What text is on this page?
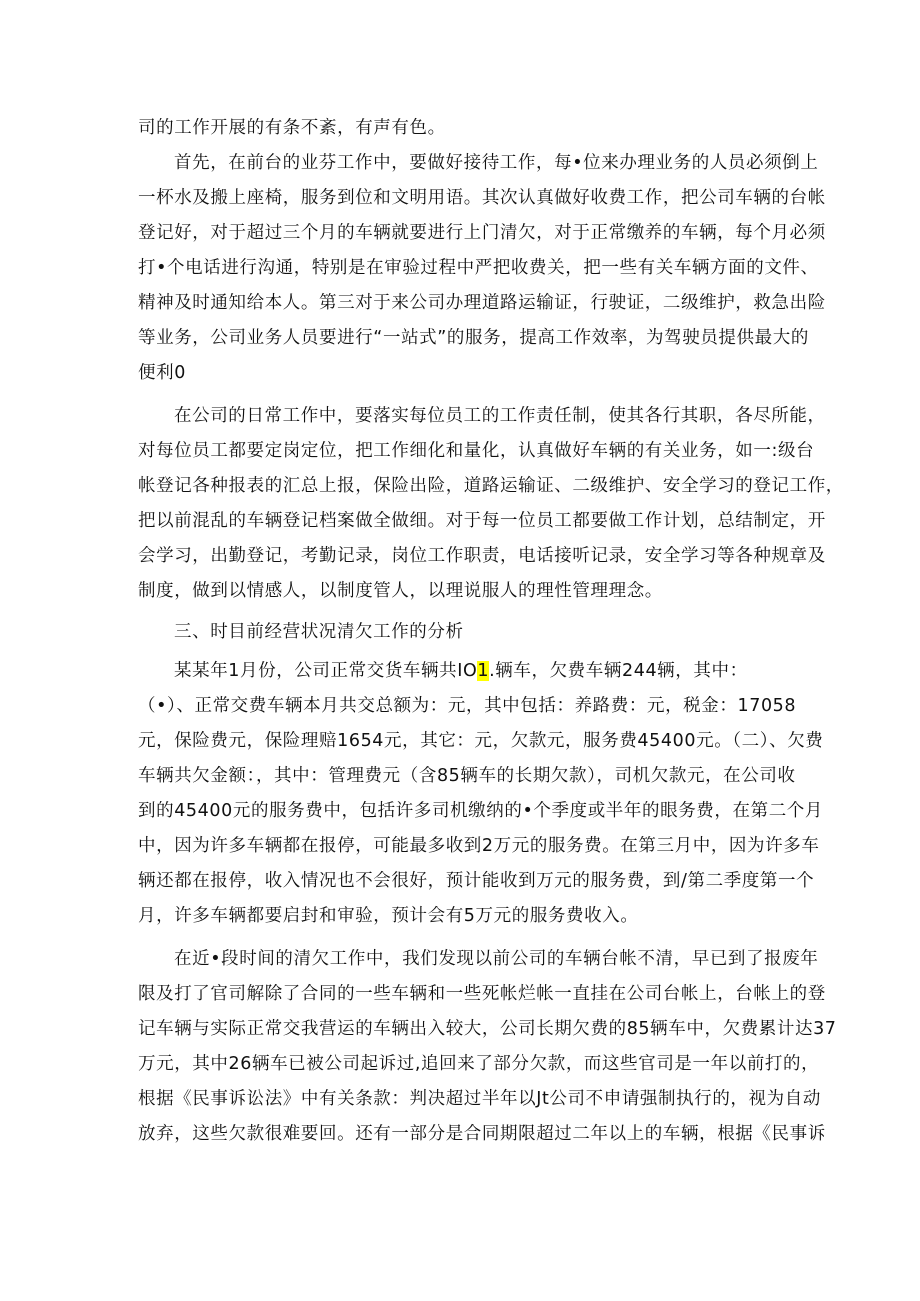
司的工作开展的有条不紊，有声有色。
首先，在前台的业芬工作中，要做好接待工作，每•位来办理业务的人员必须倒上
一杯水及搬上座椅，服务到位和文明用语。其次认真做好收费工作，把公司车辆的台帐
登记好，对于超过三个月的车辆就要进行上门清欠，对于正常缴养的车辆，每个月必须
打•个电话进行沟通，特别是在审验过程中严把收费关，把一些有关车辆方面的文件、
精神及时通知给本人。第三对于来公司办理道路运输证，行驶证，二级维护，救急出险
等业务，公司业务人员要进行“一站式”的服务，提高工作效率，为驾驶员提供最大的
便利0
在公司的日常工作中，要落实每位员工的工作责任制，使其各行其职，各尽所能，
对每位员工都要定岗定位，把工作细化和量化，认真做好车辆的有关业务，如一:级台
帐登记各种报表的汇总上报，保险出险，道路运输证、二级维护、安全学习的登记工作，
把以前混乱的车辆登记档案做全做细。对于每一位员工都要做工作计划，总结制定，开
会学习，出勤登记，考勤记录，岗位工作职责，电话接听记录，安全学习等各种规章及
制度，做到以情感人，以制度管人，以理说服人的理性管理理念。
三、时目前经营状况清欠工作的分析
某某年1月份，公司正常交货车辆共IO1.辆车，欠费车辆244辆，其中：
（•）、正常交费车辆本月共交总额为：元，其中包括：养路费：元，税金：17058
元，保险费元，保险理赔1654元，其它：元，欠款元，服务费45400元。（二）、欠费
车辆共欠金额：，其中：管理费元（含85辆车的长期欠款），司机欠款元，在公司收
到的45400元的服务费中，包括许多司机缴纳的•个季度或半年的眼务费，在第二个月
中，因为许多车辆都在报停，可能最多收到2万元的服务费。在第三月中，因为许多车
辆还都在报停，收入情况也不会很好，预计能收到万元的服务费，到/第二季度第一个
月，许多车辆都要启封和审验，预计会有5万元的服务费收入。
在近•段时间的清欠工作中，我们发现以前公司的车辆台帐不清，早已到了报废年
限及打了官司解除了合同的一些车辆和一些死帐烂帐一直挂在公司台帐上，台帐上的登
记车辆与实际正常交我营运的车辆出入较大，公司长期欠费的85辆车中，欠费累计达37
万元，其中26辆车已被公司起诉过,追回来了部分欠款，而这些官司是一年以前打的，
根据《民事诉讼法》中有关条款：判决超过半年以Jt公司不申请强制执行的，视为自动
放弃，这些欠款很难要回。还有一部分是合同期限超过二年以上的车辆，根据《民事诉
